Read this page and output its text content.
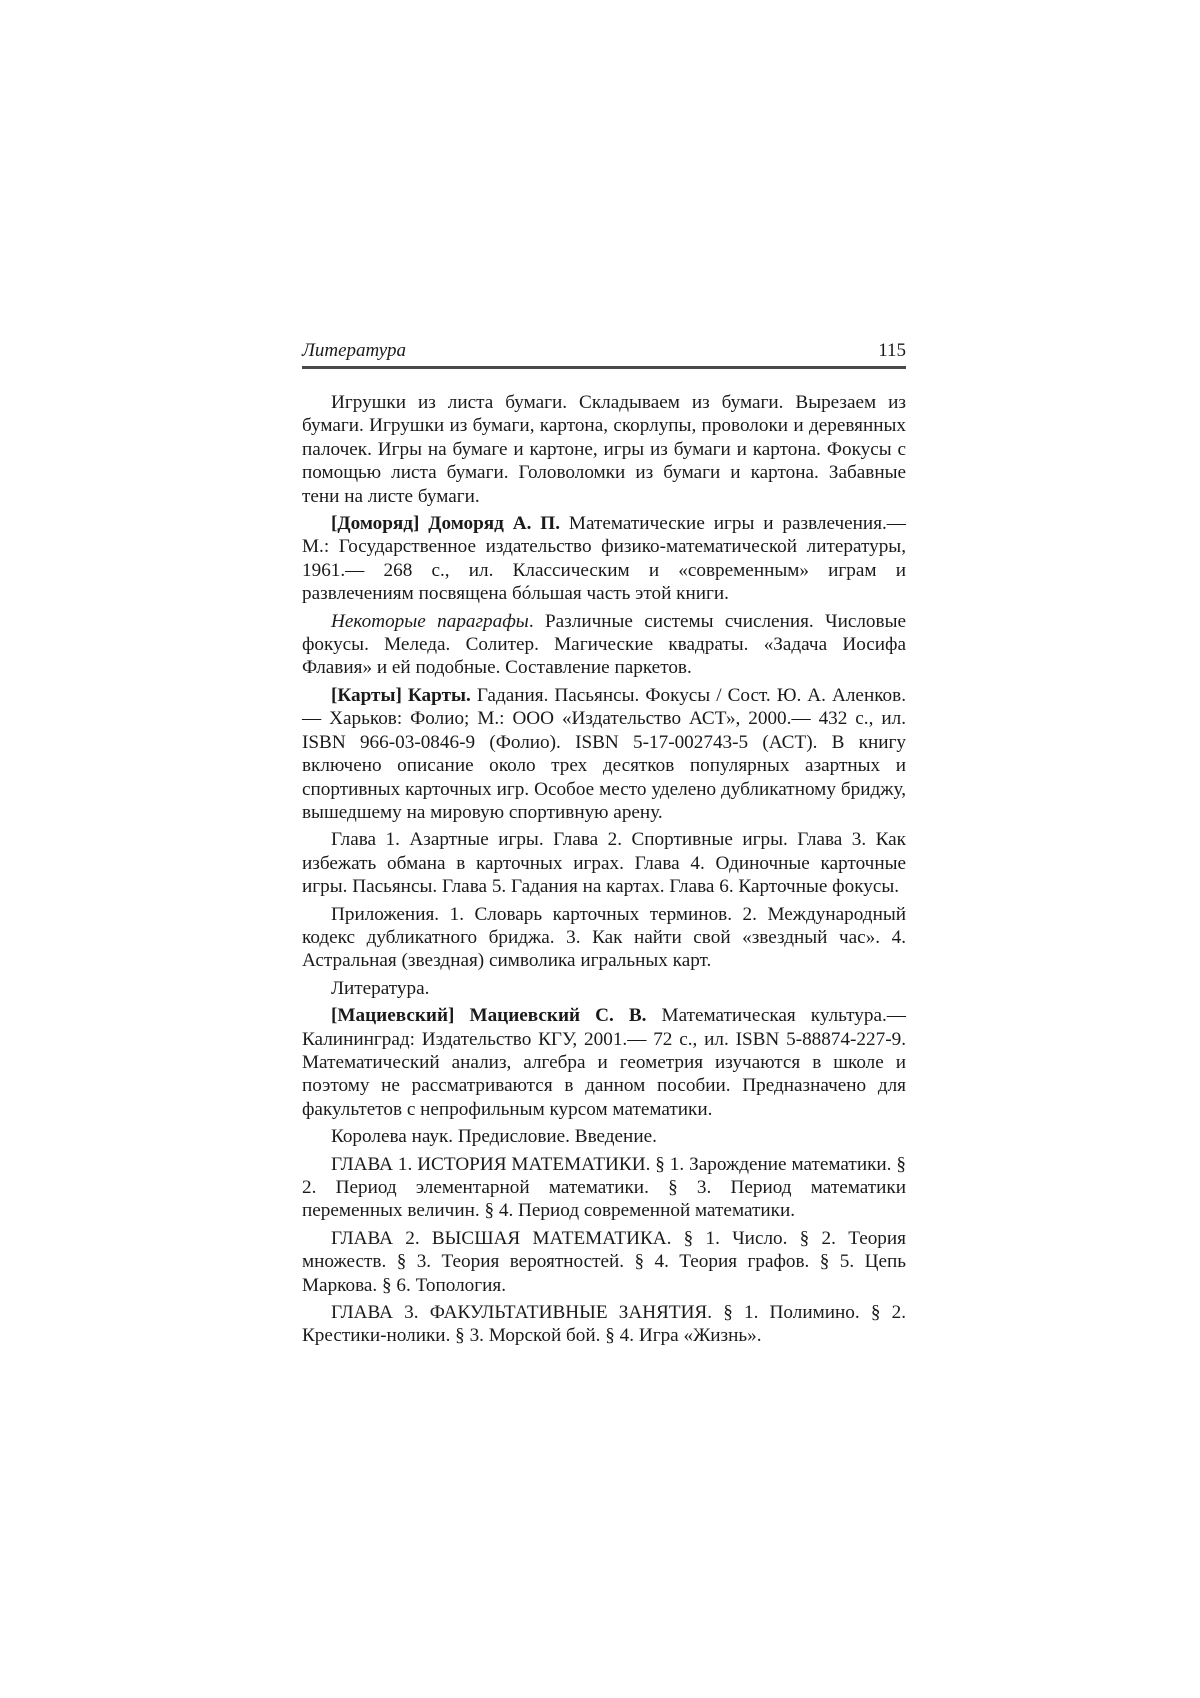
Литература	115

Игрушки из листа бумаги. Складываем из бумаги. Вырезаем из бумаги. Игрушки из бумаги, картона, скорлупы, проволоки и деревянных палочек. Игры на бумаге и картоне, игры из бумаги и картона. Фокусы с помощью листа бумаги. Головоломки из бумаги и картона. Забавные тени на листе бумаги.

[Доморяд] Доморяд А. П. Математические игры и развлечения.— М.: Государственное издательство физико-математической литературы, 1961.— 268 с., ил. Классическим и «современным» играм и развлечениям посвящена бóльшая часть этой книги.

Некоторые параграфы. Различные системы счисления. Числовые фокусы. Меледа. Солитер. Магические квадраты. «Задача Иосифа Флавия» и ей подобные. Составление паркетов.

[Карты] Карты. Гадания. Пасьянсы. Фокусы / Сост. Ю. А. Аленков.— Харьков: Фолио; М.: ООО «Издательство АСТ», 2000.— 432 с., ил. ISBN 966-03-0846-9 (Фолио). ISBN 5-17-002743-5 (АСТ). В книгу включено описание около трех десятков популярных азартных и спортивных карточных игр. Особое место уделено дубликатному бриджу, вышедшему на мировую спортивную арену.

Глава 1. Азартные игры. Глава 2. Спортивные игры. Глава 3. Как избежать обмана в карточных играх. Глава 4. Одиночные карточные игры. Пасьянсы. Глава 5. Гадания на картах. Глава 6. Карточные фокусы.

Приложения. 1. Словарь карточных терминов. 2. Международный кодекс дубликатного бриджа. 3. Как найти свой «звездный час». 4. Астральная (звездная) символика игральных карт.

Литература.

[Мациевский] Мациевский С. В. Математическая культура.— Калининград: Издательство КГУ, 2001.— 72 с., ил. ISBN 5-88874-227-9. Математический анализ, алгебра и геометрия изучаются в школе и поэтому не рассматриваются в данном пособии. Предназначено для факультетов с непрофильным курсом математики.

Королева наук. Предисловие. Введение.

ГЛАВА 1. ИСТОРИЯ МАТЕМАТИКИ. § 1. Зарождение математики. § 2. Период элементарной математики. § 3. Период математики переменных величин. § 4. Период современной математики.

ГЛАВА 2. ВЫСШАЯ МАТЕМАТИКА. § 1. Число. § 2. Теория множеств. § 3. Теория вероятностей. § 4. Теория графов. § 5. Цепь Маркова. § 6. Топология.

ГЛАВА 3. ФАКУЛЬТАТИВНЫЕ ЗАНЯТИЯ. § 1. Полимино. § 2. Крестики-нолики. § 3. Морской бой. § 4. Игра «Жизнь».
